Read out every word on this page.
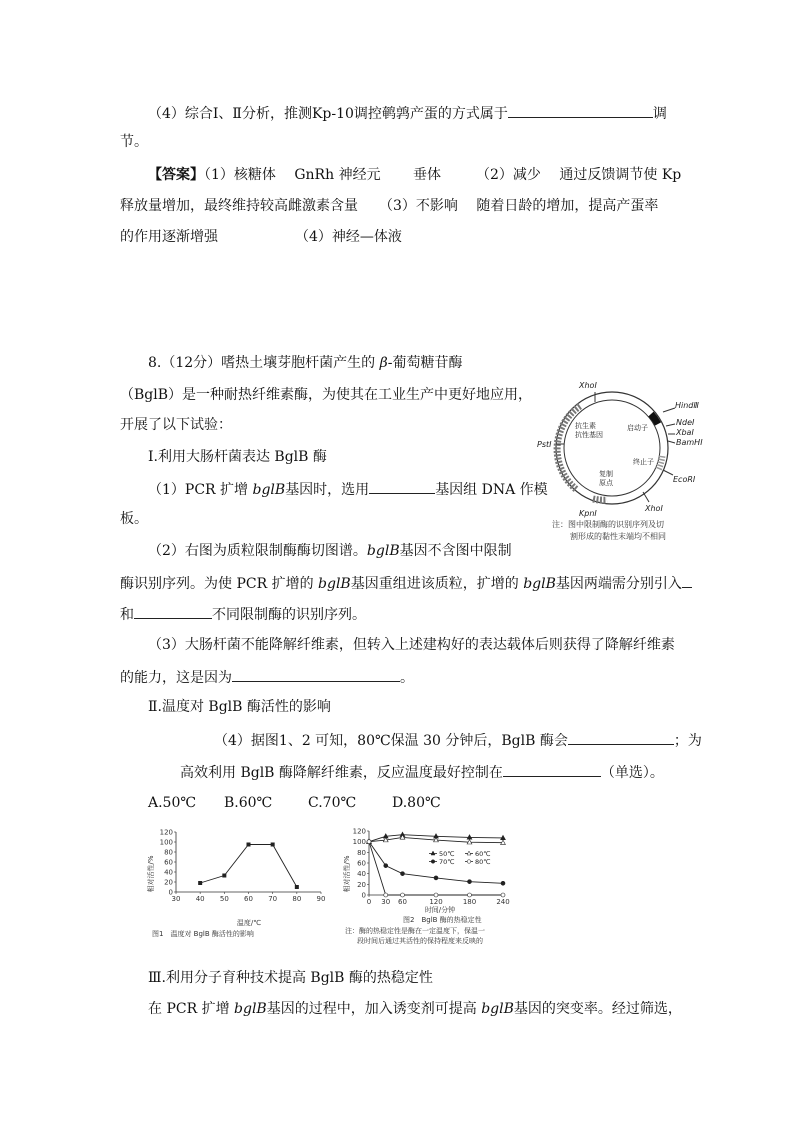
（4）综合Ⅰ、Ⅱ分析，推测Kp-10调控鹌鹑产蛋的方式属于	调
节。
【答案】（1）核糖体　 GnRh 神经元　　 垂体　　　（2）减少　 通过反馈调节使 Kp
释放量增加，最终维持较高雌激素含量　　（3）不影响　 随着日龄的增加，提高产蛋率
的作用逐渐增强　　　　　　（4）神经—体液
8.（12分）嗜热土壤芽胞杆菌产生的 β-葡萄糖苷酶
（BglB）是一种耐热纤维素酶，为使其在工业生产中更好地应用，
开展了以下试验：
Ⅰ.利用大肠杆菌表达 BglB 酶
（1）PCR 扩增 bglB基因时，选用	基因组 DNA 作模
板。
（2）右图为质粒限制酶酶切图谱。bglB基因不含图中限制
酶识别序列。为使 PCR 扩增的 bglB基因重组进该质粒，扩增的 bglB基因两端需分别引入
和	不同限制酶的识别序列。
（3）大肠杆菌不能降解纤维素，但转入上述建构好的表达载体后则获得了降解纤维素
的能力，这是因为	。
Ⅱ.温度对 BglB 酶活性的影响
（4）据图1、2 可知，80℃保温 30 分钟后，BglB 酶会	；为
高效利用 BglB 酶降解纤维素，反应温度最好控制在	（单选）。
A.50℃ B.60℃	C.70℃	D.80℃
Ⅲ.利用分子育种技术提高 BglB 酶的热稳定性
在 PCR 扩增 bglB基因的过程中，加入诱变剂可提高 bglB基因的突变率。经过筛选，
XhoⅠ
HindⅢ
NdeⅠ
XbaⅠ
BamHⅠ
EcoRⅠ
XhoⅠ
KpnⅠ
PstⅠ
启动子
终止子
抗生素
抗性基因
复制
原点
注：图中限制酶的识别序列及切
割形成的黏性末端均不相同
30 40 50 60 70 80 90
0
20
40
60
80
100
120
相对活性/%
温度/℃
图1　温度对 BglB 酶活性的影响
0 30 60	120	180	240
0
20
40
60
80
100
120
50℃	60℃
70℃	80℃
相对活性/%
时间/分钟
图2　BglB 酶的热稳定性
注：酶的热稳定性是酶在一定温度下，保温一
段时间后通过其活性的保持程度来反映的
